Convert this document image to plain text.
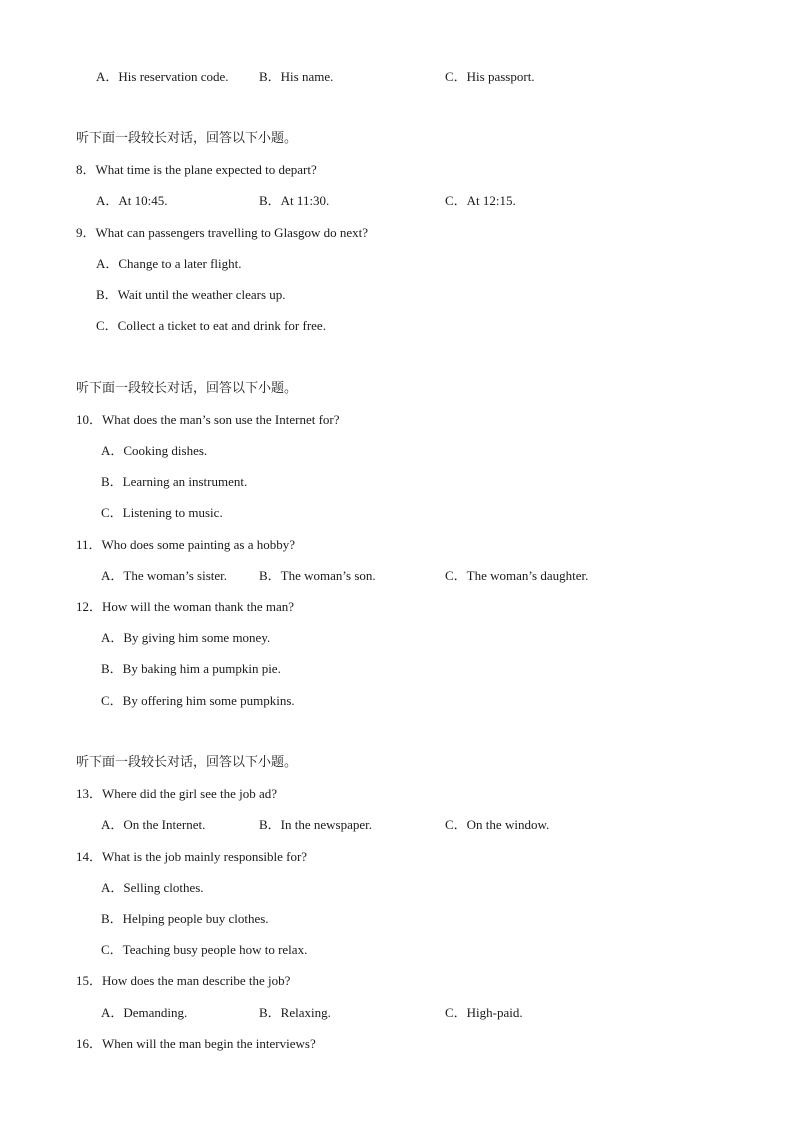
A．His reservation code. B．His name.	C．His passport.
听下面一段较长对话，回答以下小题。
8．What time is the plane expected to depart?
A．At 10:45.	B．At 11:30.	C．At 12:15.
9．What can passengers travelling to Glasgow do next?
A．Change to a later flight.
B．Wait until the weather clears up.
C．Collect a ticket to eat and drink for free.
听下面一段较长对话，回答以下小题。
10．What does the man’s son use the Internet for?
A．Cooking dishes.
B．Learning an instrument.
C．Listening to music.
11．Who does some painting as a hobby?
A．The woman’s sister. B．The woman’s son.	C．The woman’s daughter.
12．How will the woman thank the man?
A．By giving him some money.
B．By baking him a pumpkin pie.
C．By offering him some pumpkins.
听下面一段较长对话，回答以下小题。
13．Where did the girl see the job ad?
A．On the Internet.	B．In the newspaper.	C．On the window.
14．What is the job mainly responsible for?
A．Selling clothes.
B．Helping people buy clothes.
C．Teaching busy people how to relax.
15．How does the man describe the job?
A．Demanding.	B．Relaxing.	C．High-paid.
16．When will the man begin the interviews?
